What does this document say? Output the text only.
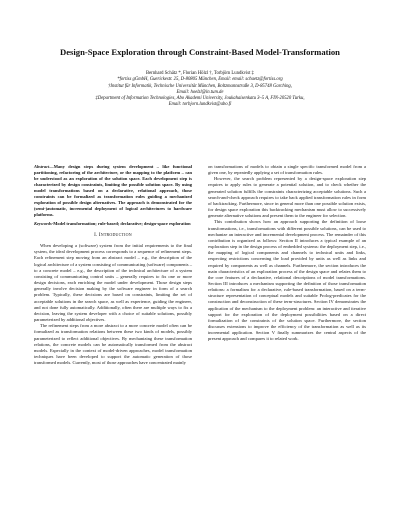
Design-Space Exploration through Constraint-Based Model-Transformation
Bernhard Schätz *, Florian Hölzl †, Torbjörn Lundkvist ‡
*fortiss gGmbH, Guerickestr. 25, D-80805 München, Email: email: schaetz@fortiss.org
†Institut für Informatik, Technische Universität München, Boltzmannstraße 3, D-85748 Garching,
Email: hoelzl@in.tum.de
‡Department of Information Technologies, Abo Akademi University, Joukahaisenkatu 3–5 A, FIN-20520 Turku,
Email: torbjorn.lundkvist@abo.fi
Abstract—Many design steps during system development – like functional partitioning, refactoring of the architecture, or the mapping to the platform – can be understood as an exploration of the solution space. Each development step is characterized by design constraints, limiting the possible solution space. By using model transformations based on a declarative, relational approach, those constraints can be formalized as transformation rules guiding a mechanized exploration of possible design alternatives. The approach is demonstrated for the (semi-)automatic, incremental deployment of logical architectures to hardware platforms.
Keywords-Model transformation; rule-based; declarative; design-space exploration
I. Introduction

When developing a (software) system from the initial requirements to the final system, the ideal development process corresponds to a sequence of refinement steps. Each refinement step moving from an abstract model – e.g., the description of the logical architecture of a system consisting of communicating (software) components – to a concrete model – e.g., the description of the technical architecture of a system consisting of communicating control units – generally requires to fix one or more design decisions, each enriching the model under development. Those design steps generally involve decision making by the software engineer in form of a search problem. Typically, these decisions are based on constraints, limiting the set of acceptable solutions in the search space, as well as experience, guiding the engineer, and not done fully automatically. Additionally, often there are multiple ways to fix a decision, leaving the system developer with a choice of suitable solutions, possibly parameterized by additional objectives.

The refinement steps from a more abstract to a more concrete model often can be formalized as transformation relations between these two kinds of models, possibly parameterized to reflect additional objectives. By mechanizing these transformation relations, the concrete models can be automatically transformed from the abstract models. Especially in the context of model-driven approaches, model transformation techniques have been developed to support the automatic generation of those transformed models. Currently, most of those approaches have concentrated mainly

on transformations of models to obtain a single specific transformed model from a given one, by repeatedly applying a set of transformation rules.

However, the search problem represented by a design-space exploration step requires to apply rules to generate a potential solution, and to check whether the generated solution fulfills the constraints characterizing acceptable solutions. Such a search-and-check approach requires to take back applied transformation rules in form of backtracking. Furthermore, since in general more than one possible solution exists, for design space exploration this backtracking mechanism must allow to successively generate alternative solutions and present them to the engineer for selection.

This contribution shows how an approach supporting the definition of loose transformations, i.e., transformations with different possible solutions, can be used to mechanize an interactive and incremental development process. The remainder of this contribution is organized as follows: Section II introduces a typical example of an exploration step in the design process of embedded systems: the deployment step, i.e., the mapping of logical components and channels to technical units and links, respecting restrictions concerning the load provided by units as well as links and required by components as well as channels. Furthermore, the section introduces the main characteristics of an exploration process of the design space and relates them to the core features of a declarative, relational descriptions of model transformations. Section III introduces a mechanism supporting the definition of those transformation relations: a formalism for a declarative, rule-based transformation, based on a term-structure representation of conceptual models and suitable Prolog-predicates for the construction and deconstruction of these term-structures. Section IV demonstrates the application of the mechanism to the deployment problem: an interactive and iterative support for the exploration of the deployment possibilities based on a direct formalization of the constraints of the solution space. Furthermore, the section discusses extensions to improve the efficiency of the transformation as well as its incremental application. Section V finally summarizes the central aspects of the present approach and compares it to related work.
